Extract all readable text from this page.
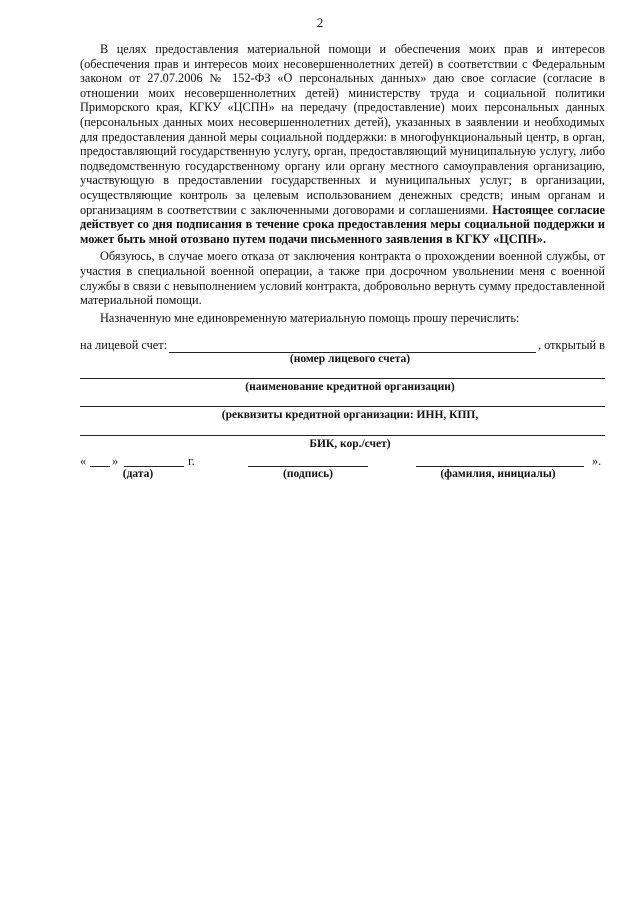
2

В целях предоставления материальной помощи и обеспечения моих прав и интересов (обеспечения прав и интересов моих несовершеннолетних детей) в соответствии с Федеральным законом от 27.07.2006 № 152-ФЗ «О персональных данных» даю свое согласие (согласие в отношении моих несовершеннолетних детей) министерству труда и социальной политики Приморского края, КГКУ «ЦСПН» на передачу (предоставление) моих персональных данных (персональных данных моих несовершеннолетних детей), указанных в заявлении и необходимых для предоставления данной меры социальной поддержки: в многофункциональный центр, в орган, предоставляющий государственную услугу, орган, предоставляющий муниципальную услугу, либо подведомственную государственному органу или органу местного самоуправления организацию, участвующую в предоставлении государственных и муниципальных услуг; в организации, осуществляющие контроль за целевым использованием денежных средств; иным органам и организациям в соответствии с заключенными договорами и соглашениями. Настоящее согласие действует со дня подписания в течение срока предоставления меры социальной поддержки и может быть мной отозвано путем подачи письменного заявления в КГКУ «ЦСПН».

Обязуюсь, в случае моего отказа от заключения контракта о прохождении военной службы, от участия в специальной военной операции, а также при досрочном увольнении меня с военной службы в связи с невыполнением условий контракта, добровольно вернуть сумму предоставленной материальной помощи.

Назначенную мне единовременную материальную помощь прошу перечислить:

на лицевой счет:	, открытый в
(номер лицевого счета)
(наименование кредитной организации)
(реквизиты кредитной организации: ИНН, КПП,
БИК, кор./счет)
« »	г.	».
(дата)	(подпись)	(фамилия, инициалы)
